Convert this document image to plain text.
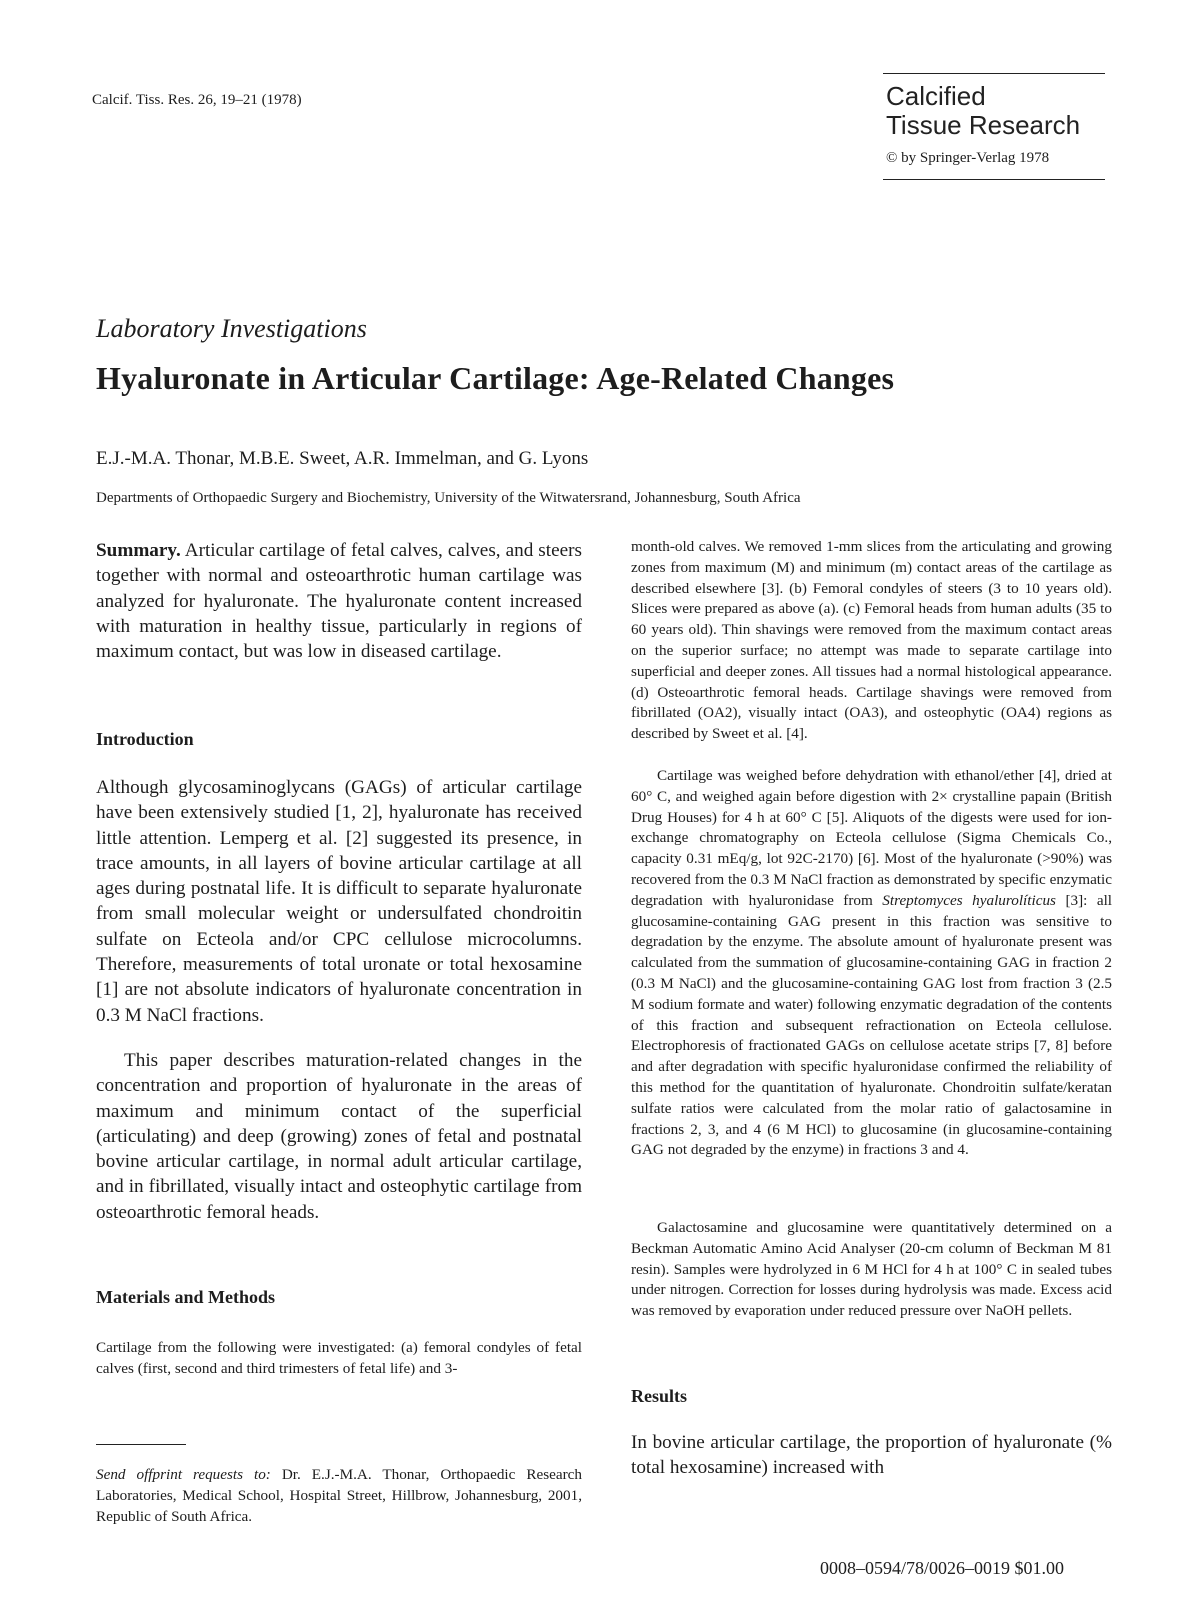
Calcif. Tiss. Res. 26, 19–21 (1978)	Calcified
Tissue Research
© by Springer-Verlag 1978
Laboratory Investigations
Hyaluronate in Articular Cartilage: Age-Related Changes
E.J.-M.A. Thonar, M.B.E. Sweet, A.R. Immelman, and G. Lyons
Departments of Orthopaedic Surgery and Biochemistry, University of the Witwatersrand, Johannesburg, South Africa

Summary. Articular cartilage of fetal calves, calves, and steers together with normal and osteoarthrotic human cartilage was analyzed for hyaluronate. The hyaluronate content increased with maturation in healthy tissue, particularly in regions of maximum contact, but was low in diseased cartilage.

Introduction

Although glycosaminoglycans (GAGs) of articular cartilage have been extensively studied [1, 2], hyaluronate has received little attention. Lemperg et al. [2] suggested its presence, in trace amounts, in all layers of bovine articular cartilage at all ages during postnatal life. It is difficult to separate hyaluronate from small molecular weight or undersulfated chondroitin sulfate on Ecteola and/or CPC cellulose microcolumns. Therefore, measurements of total uronate or total hexosamine [1] are not absolute indicators of hyaluronate concentration in 0.3 M NaCl fractions.

This paper describes maturation-related changes in the concentration and proportion of hyaluronate in the areas of maximum and minimum contact of the superficial (articulating) and deep (growing) zones of fetal and postnatal bovine articular cartilage, in normal adult articular cartilage, and in fibrillated, visually intact and osteophytic cartilage from osteoarthrotic femoral heads.

Materials and Methods

Cartilage from the following were investigated: (a) femoral condyles of fetal calves (first, second and third trimesters of fetal life) and 3-

Send offprint requests to: Dr. E.J.-M.A. Thonar, Orthopaedic Research Laboratories, Medical School, Hospital Street, Hillbrow, Johannesburg, 2001, Republic of South Africa.

month-old calves. We removed 1-mm slices from the articulating and growing zones from maximum (M) and minimum (m) contact areas of the cartilage as described elsewhere [3]. (b) Femoral condyles of steers (3 to 10 years old). Slices were prepared as above (a). (c) Femoral heads from human adults (35 to 60 years old). Thin shavings were removed from the maximum contact areas on the superior surface; no attempt was made to separate cartilage into superficial and deeper zones. All tissues had a normal histological appearance. (d) Osteoarthrotic femoral heads. Cartilage shavings were removed from fibrillated (OA2), visually intact (OA3), and osteophytic (OA4) regions as described by Sweet et al. [4].

Cartilage was weighed before dehydration with ethanol/ether [4], dried at 60° C, and weighed again before digestion with 2× crystalline papain (British Drug Houses) for 4 h at 60° C [5]. Aliquots of the digests were used for ion-exchange chromatography on Ecteola cellulose (Sigma Chemicals Co., capacity 0.31 mEq/g, lot 92C-2170) [6]. Most of the hyaluronate (>90%) was recovered from the 0.3 M NaCl fraction as demonstrated by specific enzymatic degradation with hyaluronidase from Streptomyces hyalurolíticus [3]: all glucosamine-containing GAG present in this fraction was sensitive to degradation by the enzyme. The absolute amount of hyaluronate present was calculated from the summation of glucosamine-containing GAG in fraction 2 (0.3 M NaCl) and the glucosamine-containing GAG lost from fraction 3 (2.5 M sodium formate and water) following enzymatic degradation of the contents of this fraction and subsequent refractionation on Ecteola cellulose. Electrophoresis of fractionated GAGs on cellulose acetate strips [7, 8] before and after degradation with specific hyaluronidase confirmed the reliability of this method for the quantitation of hyaluronate. Chondroitin sulfate/keratan sulfate ratios were calculated from the molar ratio of galactosamine in fractions 2, 3, and 4 (6 M HCl) to glucosamine (in glucosamine-containing GAG not degraded by the enzyme) in fractions 3 and 4.

Galactosamine and glucosamine were quantitatively determined on a Beckman Automatic Amino Acid Analyser (20-cm column of Beckman M 81 resin). Samples were hydrolyzed in 6 M HCl for 4 h at 100° C in sealed tubes under nitrogen. Correction for losses during hydrolysis was made. Excess acid was removed by evaporation under reduced pressure over NaOH pellets.

Results

In bovine articular cartilage, the proportion of hyaluronate (% total hexosamine) increased with

0008–0594/78/0026–0019 $01.00
